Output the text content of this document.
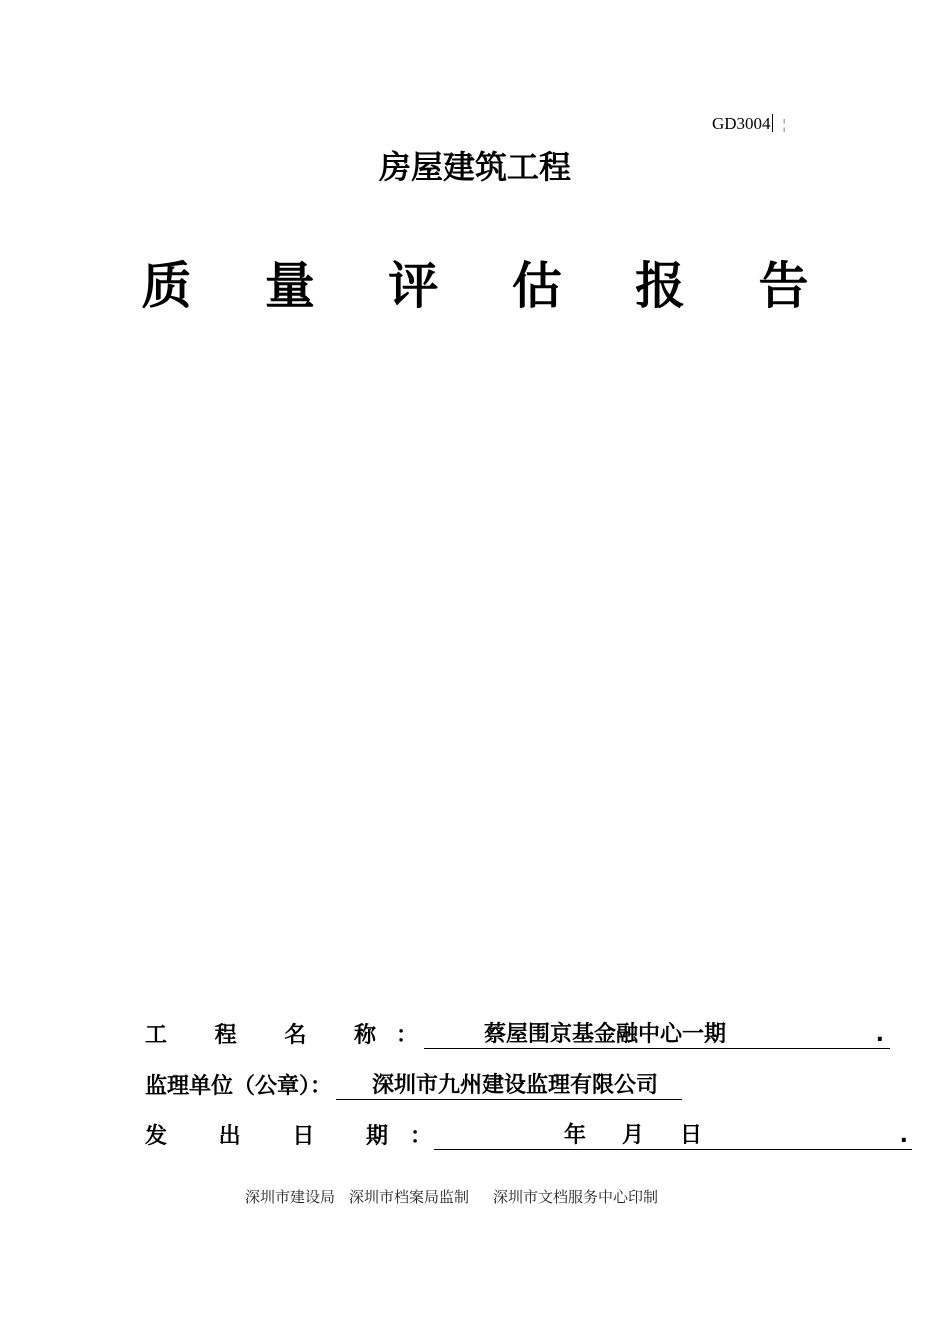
GD3004 ¦
房屋建筑工程
质 量 评 估 报 告
工 程 名 称：	蔡屋围京基金融中心一期	.
监理单位（公章）：	深圳市九州建设监理有限公司
发 出 日 期：	年 月 日	.
深圳市建设局 深圳市档案局监制 深圳市文档服务中心印制
